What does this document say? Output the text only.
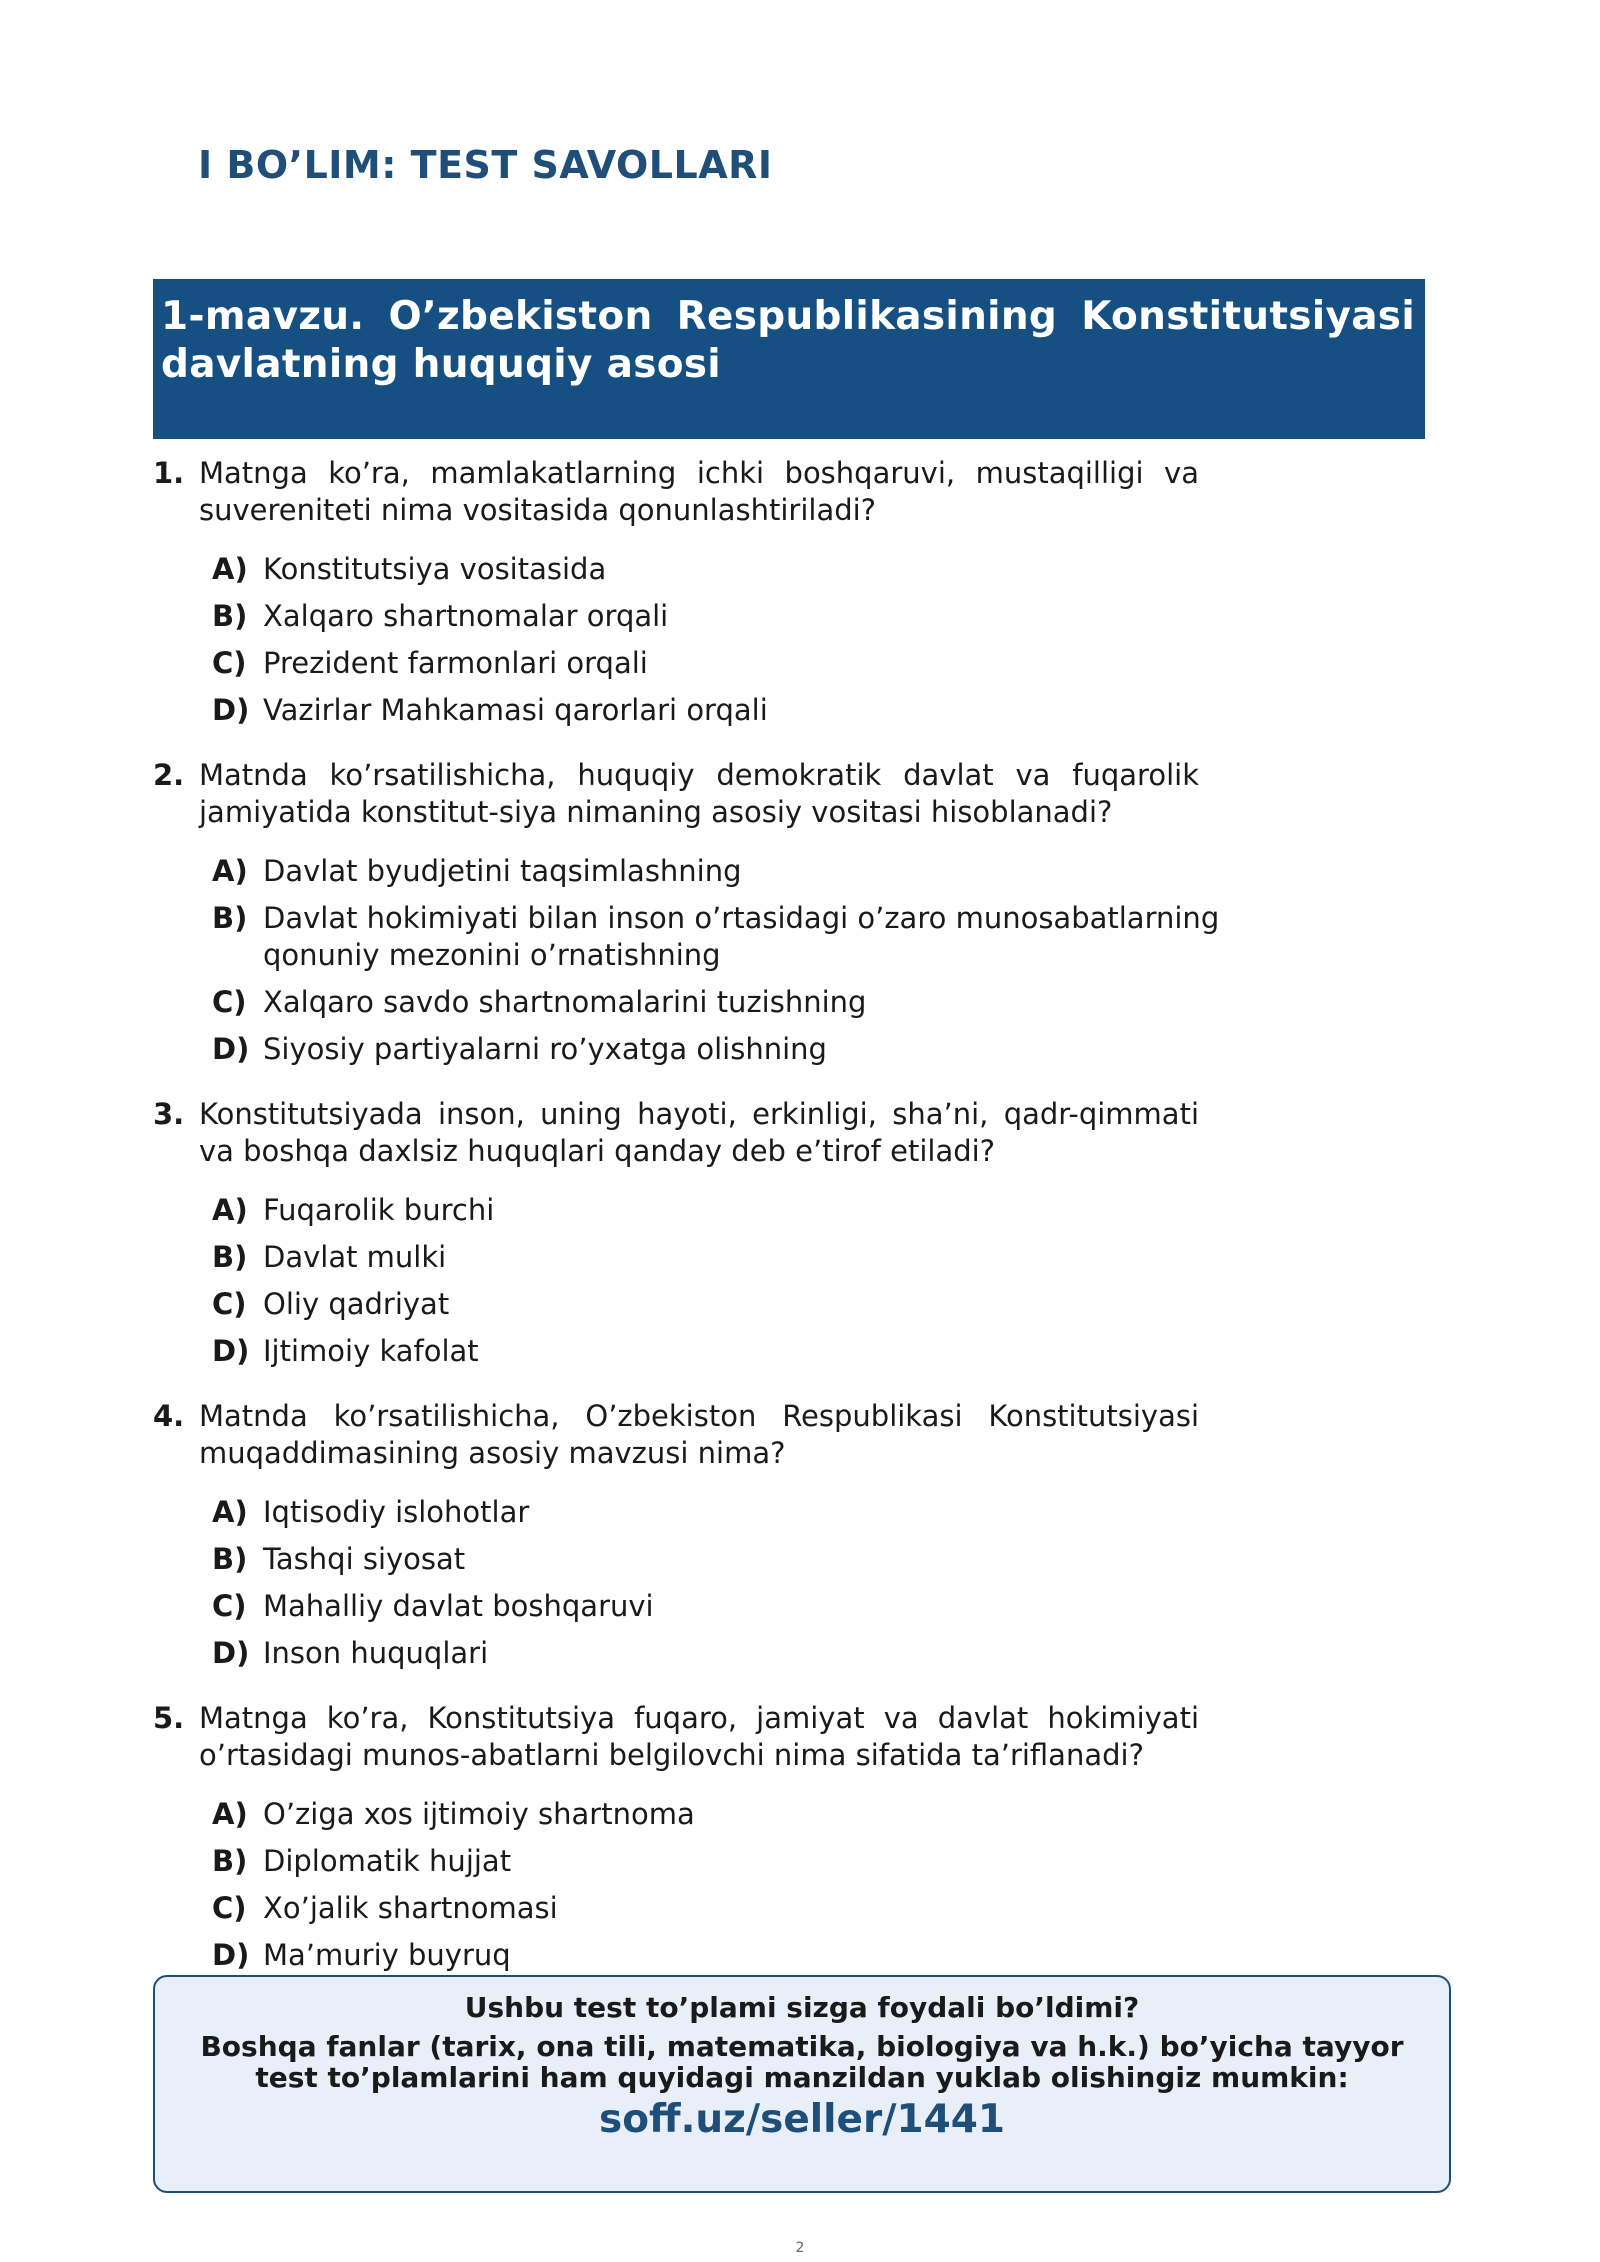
I BO’LIM: TEST SAVOLLARI
1-mavzu. O’zbekiston Respublikasining Konstitutsiyasi davlatning huquqiy asosi
1. Matnga ko’ra, mamlakatlarning ichki boshqaruvi, mustaqilligi va suvereniteti nima vositasida qonunlashtiriladi?
A) Konstitutsiya vositasida
B) Xalqaro shartnomalar orqali
C) Prezident farmonlari orqali
D) Vazirlar Mahkamasi qarorlari orqali
2. Matnda ko’rsatilishicha, huquqiy demokratik davlat va fuqarolik jamiyatida konstitut-siya nimaning asosiy vositasi hisoblanadi?
A) Davlat byudjetini taqsimlashning
B) Davlat hokimiyati bilan inson o’rtasidagi o’zaro munosabatlarning qonuniy mezonini o’rnatishning
C) Xalqaro savdo shartnomalarini tuzishning
D) Siyosiy partiyalarni ro’yxatga olishning
3. Konstitutsiyada inson, uning hayoti, erkinligi, sha’ni, qadr-qimmati va boshqa daxlsiz huquqlari qanday deb e’tirof etiladi?
A) Fuqarolik burchi
B) Davlat mulki
C) Oliy qadriyat
D) Ijtimoiy kafolat
4. Matnda ko’rsatilishicha, O’zbekiston Respublikasi Konstitutsiyasi muqaddimasining asosiy mavzusi nima?
A) Iqtisodiy islohotlar
B) Tashqi siyosat
C) Mahalliy davlat boshqaruvi
D) Inson huquqlari
5. Matnga ko’ra, Konstitutsiya fuqaro, jamiyat va davlat hokimiyati o’rtasidagi munos-abatlarni belgilovchi nima sifatida ta’riflanadi?
A) O’ziga xos ijtimoiy shartnoma
B) Diplomatik hujjat
C) Xo’jalik shartnomasi
D) Ma’muriy buyruq
Ushbu test to’plami sizga foydali bo’ldimi?
Boshqa fanlar (tarix, ona tili, matematika, biologiya va h.k.) bo’yicha tayyor test to’plamlarini ham quyidagi manzildan yuklab olishingiz mumkin:
soff.uz/seller/1441
2
